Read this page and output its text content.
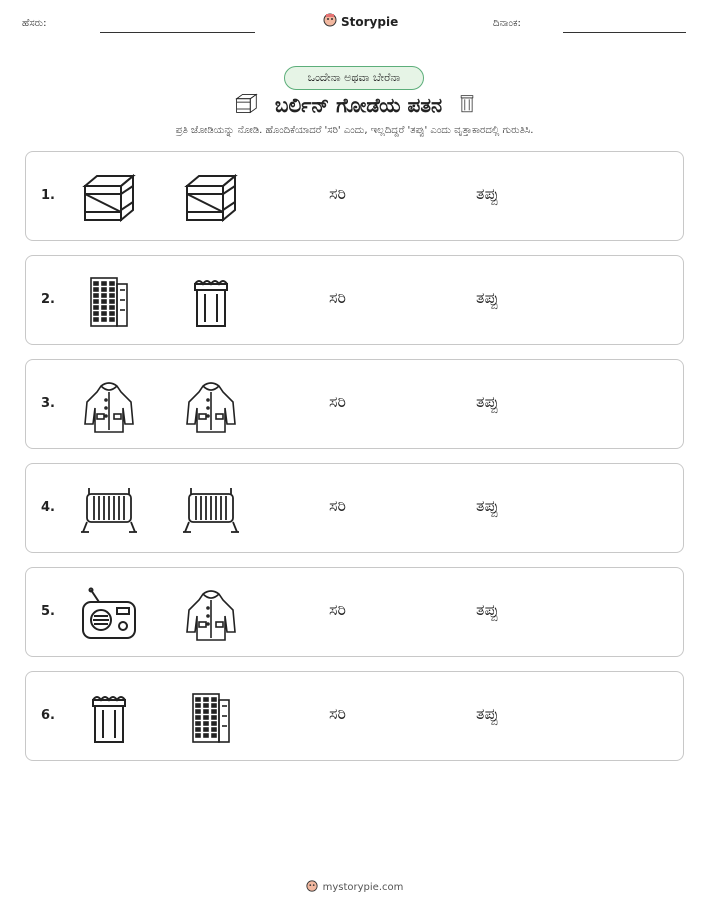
ಹೆಸರು:	Storypie	ದಿನಾಂಕ:
ಒಂದೇನಾ ಅಥವಾ ಬೇರೆನಾ
ಬರ್ಲಿನ್ ಗೋಡೆಯ ಪತನ
ಪ್ರತಿ ಜೋಡಿಯನ್ನು ನೋಡಿ. ಹೊಂದಿಕೆಯಾದರೆ 'ಸರಿ' ಎಂದು, ಇಲ್ಲದಿದ್ದರೆ 'ತಪ್ಪು' ಎಂದು ವೃತ್ತಾಕಾರದಲ್ಲಿ ಗುರುತಿಸಿ.
1.	ಸರಿ	ತಪ್ಪು
2.	ಸರಿ	ತಪ್ಪು
3.	ಸರಿ	ತಪ್ಪು
4.	ಸರಿ	ತಪ್ಪು
5.	ಸರಿ	ತಪ್ಪು
6.	ಸರಿ	ತಪ್ಪು
mystorypie.com
